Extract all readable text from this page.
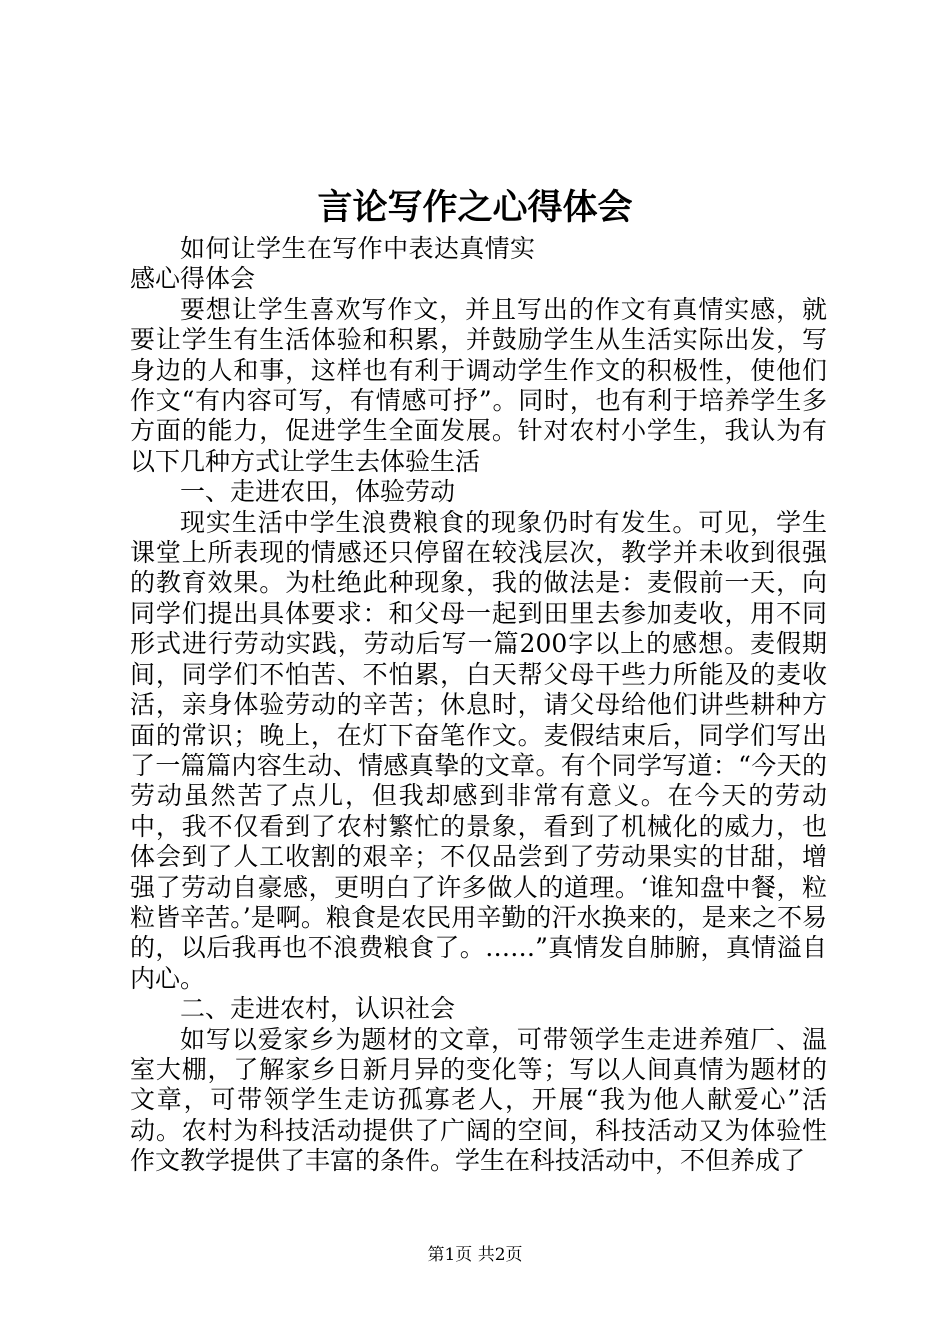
言论写作之心得体会

如何让学生在写作中表达真情实感心得体会

要想让学生喜欢写作文，并且写出的作文有真情实感，就要让学生有生活体验和积累，并鼓励学生从生活实际出发，写身边的人和事，这样也有利于调动学生作文的积极性，使他们作文“有内容可写，有情感可抒”。同时，也有利于培养学生多方面的能力，促进学生全面发展。针对农村小学生，我认为有以下几种方式让学生去体验生活

一、走进农田，体验劳动

现实生活中学生浪费粮食的现象仍时有发生。可见，学生课堂上所表现的情感还只停留在较浅层次，教学并未收到很强的教育效果。为杜绝此种现象，我的做法是：麦假前一天，向同学们提出具体要求：和父母一起到田里去参加麦收，用不同形式进行劳动实践，劳动后写一篇200字以上的感想。麦假期间，同学们不怕苦、不怕累，白天帮父母干些力所能及的麦收活，亲身体验劳动的辛苦；休息时，请父母给他们讲些耕种方面的常识；晚上，在灯下奋笔作文。麦假结束后，同学们写出了一篇篇内容生动、情感真挚的文章。有个同学写道：“今天的劳动虽然苦了点儿，但我却感到非常有意义。在今天的劳动中，我不仅看到了农村繁忙的景象，看到了机械化的威力，也体会到了人工收割的艰辛；不仅品尝到了劳动果实的甘甜，增强了劳动自豪感，更明白了许多做人的道理。‘谁知盘中餐，粒粒皆辛苦。’是啊。粮食是农民用辛勤的汗水换来的，是来之不易的，以后我再也不浪费粮食了。……”真情发自肺腑，真情溢自内心。

二、走进农村，认识社会

如写以爱家乡为题材的文章，可带领学生走进养殖厂、温室大棚，了解家乡日新月异的变化等；写以人间真情为题材的文章，可带领学生走访孤寡老人，开展“我为他人献爱心”活动。农村为科技活动提供了广阔的空间，科技活动又为体验性作文教学提供了丰富的条件。学生在科技活动中，不但养成了

第1页 共2页
